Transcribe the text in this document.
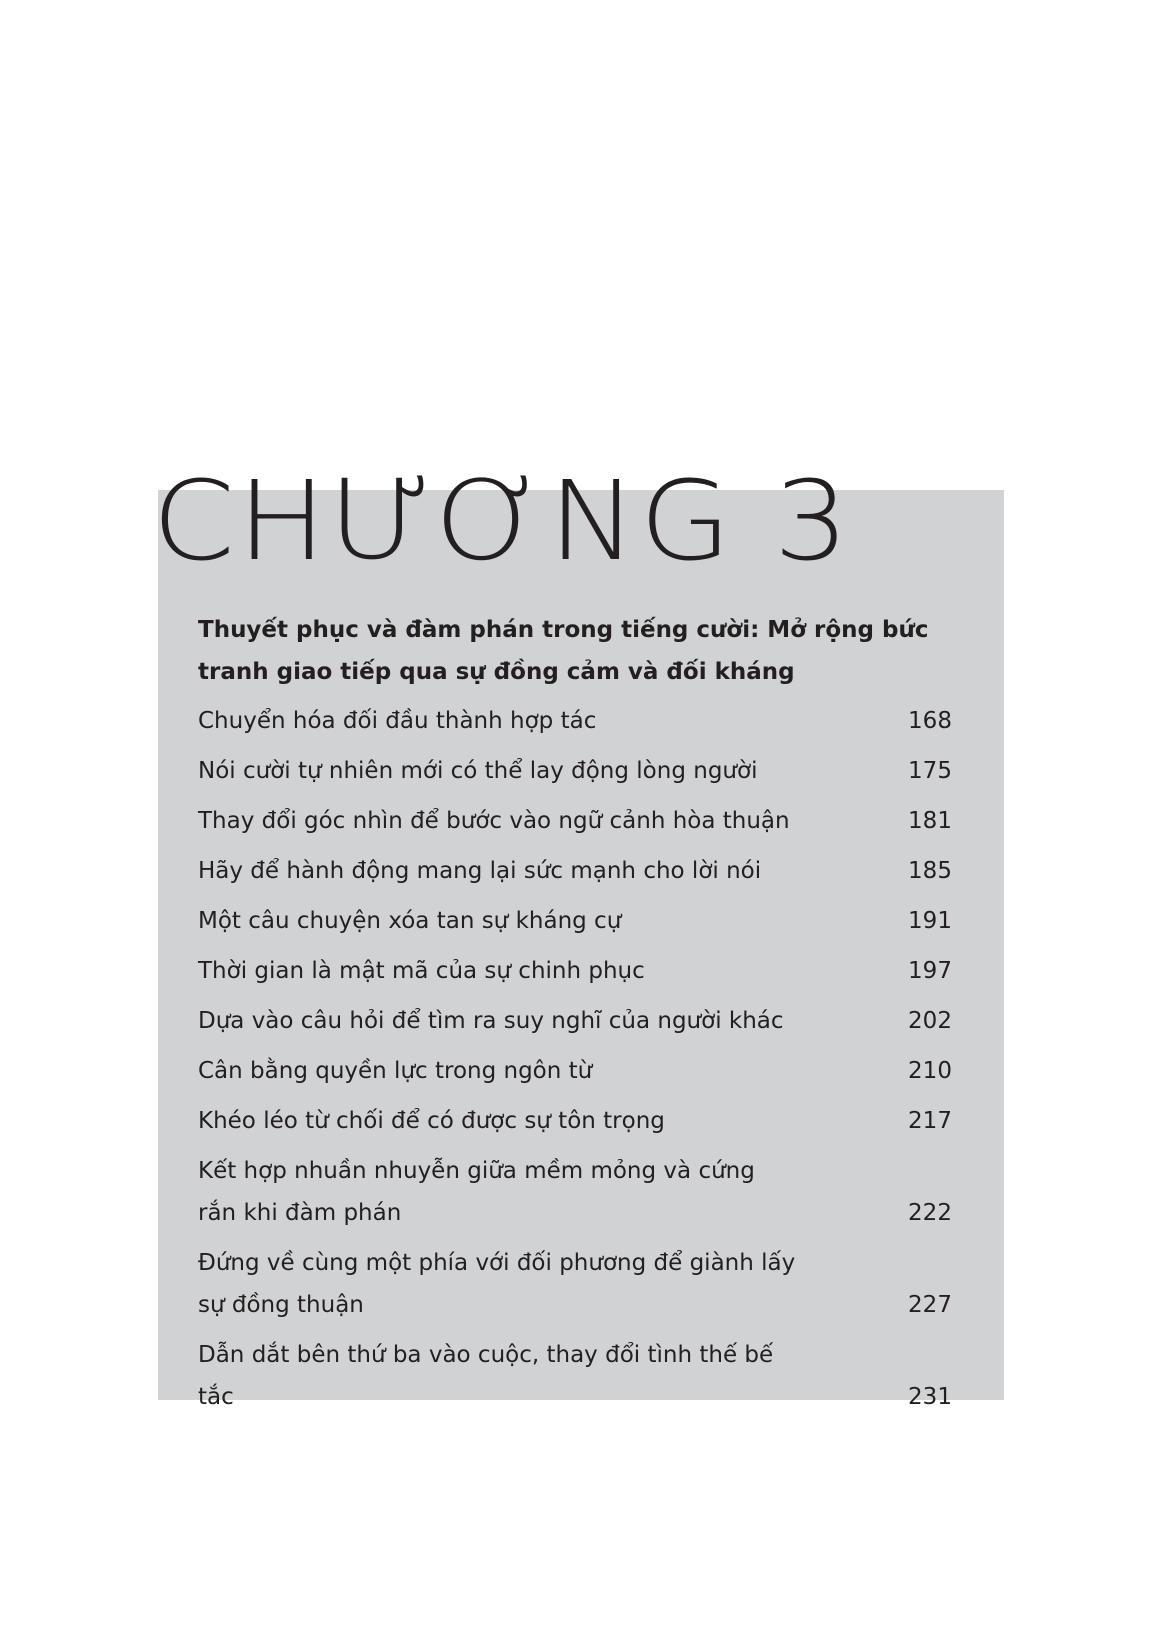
CHƯƠNG 3
Thuyết phục và đàm phán trong tiếng cười: Mở rộng bức tranh giao tiếp qua sự đồng cảm và đối kháng
Chuyển hóa đối đầu thành hợp tác	168
Nói cười tự nhiên mới có thể lay động lòng người	175
Thay đổi góc nhìn để bước vào ngữ cảnh hòa thuận	181
Hãy để hành động mang lại sức mạnh cho lời nói	185
Một câu chuyện xóa tan sự kháng cự	191
Thời gian là mật mã của sự chinh phục	197
Dựa vào câu hỏi để tìm ra suy nghĩ của người khác	202
Cân bằng quyền lực trong ngôn từ	210
Khéo léo từ chối để có được sự tôn trọng	217
Kết hợp nhuần nhuyễn giữa mềm mỏng và cứng rắn khi đàm phán	222
Đứng về cùng một phía với đối phương để giành lấy sự đồng thuận	227
Dẫn dắt bên thứ ba vào cuộc, thay đổi tình thế bế tắc	231
